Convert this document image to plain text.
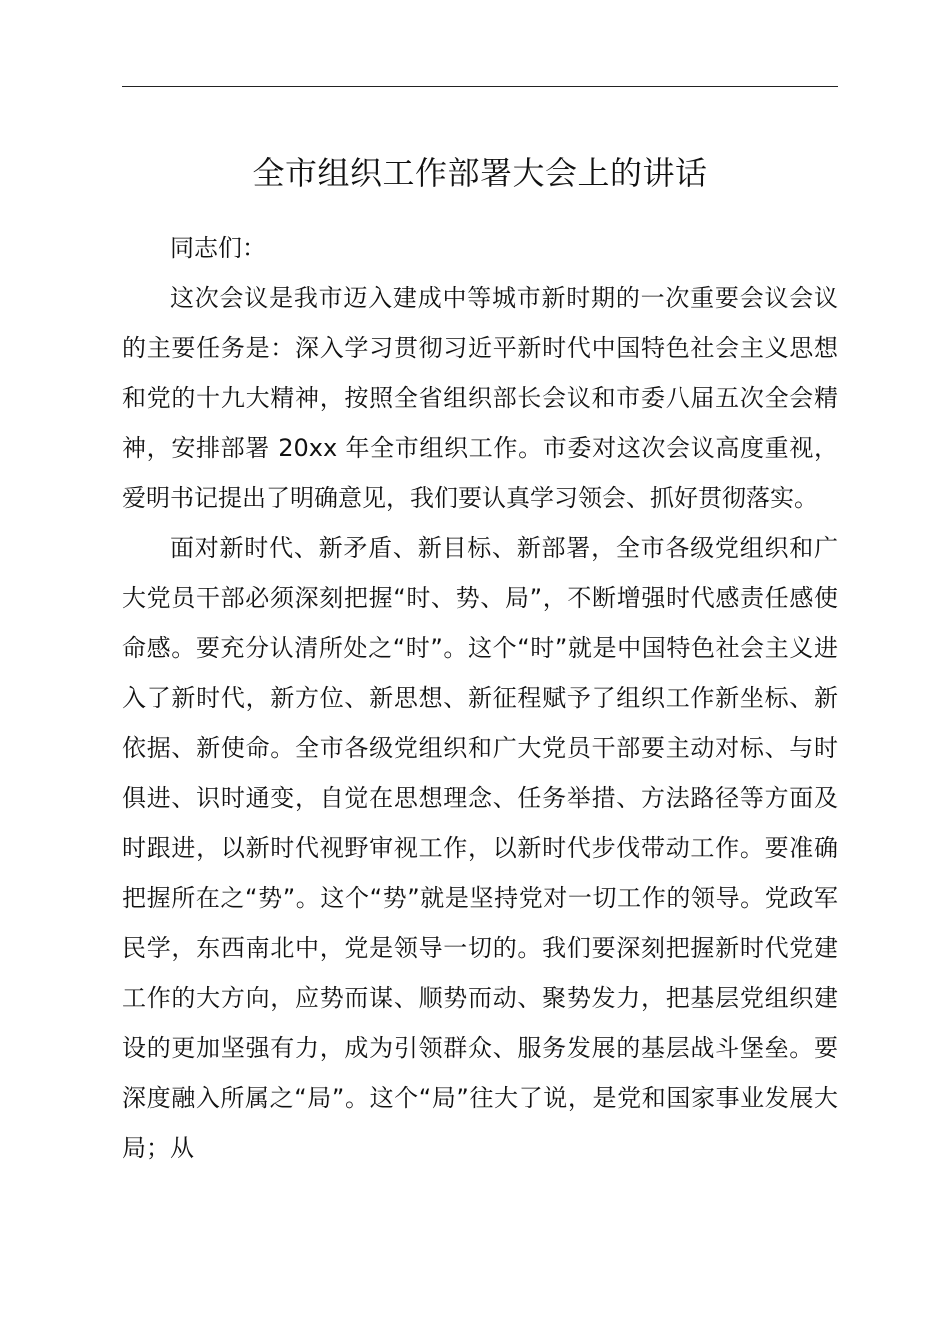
全市组织工作部署大会上的讲话

同志们：

这次会议是我市迈入建成中等城市新时期的一次重要会议会议的主要任务是：深入学习贯彻习近平新时代中国特色社会主义思想和党的十九大精神，按照全省组织部长会议和市委八届五次全会精神，安排部署 20xx 年全市组织工作。市委对这次会议高度重视，爱明书记提出了明确意见，我们要认真学习领会、抓好贯彻落实。

面对新时代、新矛盾、新目标、新部署，全市各级党组织和广大党员干部必须深刻把握“时、势、局”，不断增强时代感责任感使命感。要充分认清所处之“时”。这个“时”就是中国特色社会主义进入了新时代，新方位、新思想、新征程赋予了组织工作新坐标、新依据、新使命。全市各级党组织和广大党员干部要主动对标、与时俱进、识时通变，自觉在思想理念、任务举措、方法路径等方面及时跟进，以新时代视野审视工作，以新时代步伐带动工作。要准确把握所在之“势”。这个“势”就是坚持党对一切工作的领导。党政军民学，东西南北中，党是领导一切的。我们要深刻把握新时代党建工作的大方向，应势而谋、顺势而动、聚势发力，把基层党组织建设的更加坚强有力，成为引领群众、服务发展的基层战斗堡垒。要深度融入所属之“局”。这个“局”往大了说，是党和国家事业发展大局；从
